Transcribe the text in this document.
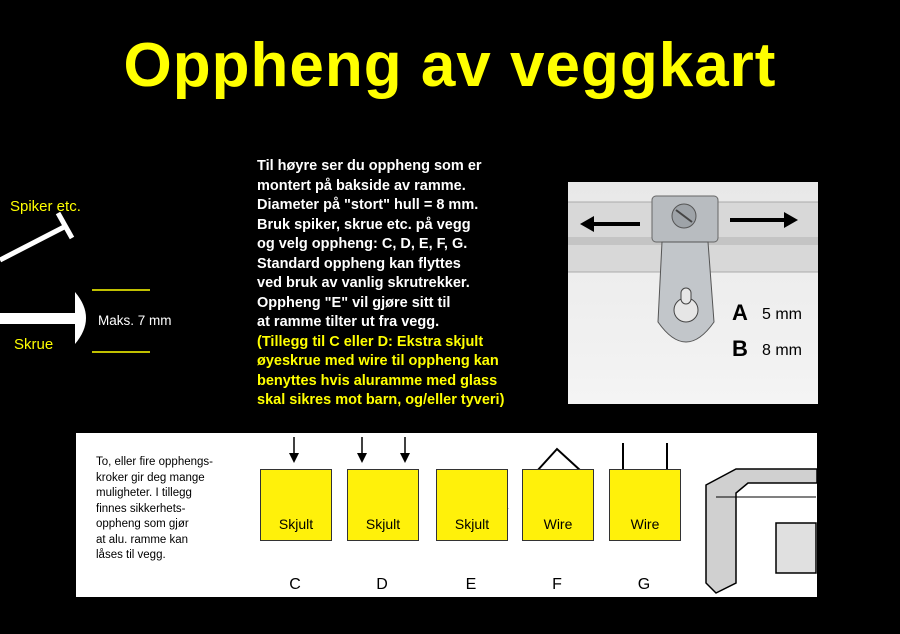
Oppheng av veggkart
Spiker etc.
Skrue
Maks. 7 mm
Til høyre ser du oppheng som er
montert på bakside av ramme.
Diameter på "stort" hull = 8 mm.
Bruk spiker, skrue etc. på vegg
og velg oppheng: C, D, E, F, G.
Standard oppheng kan flyttes
ved bruk av vanlig skrutrekker.
Oppheng "E" vil gjøre sitt til
at ramme tilter ut fra vegg.
(Tillegg til C eller D: Ekstra skjult
øyeskrue med wire til oppheng kan
benyttes hvis aluramme med glass
skal sikres mot barn, og/eller tyveri)
A 5 mm
B 8 mm
To, eller fire opphengs-
kroker gir deg mange
muligheter. I tillegg
finnes sikkerhets-
oppheng som gjør
at alu. ramme kan
låses til vegg.
Skjult	Skjult	Skjult	Wire	Wire
C	D	E	F	G
